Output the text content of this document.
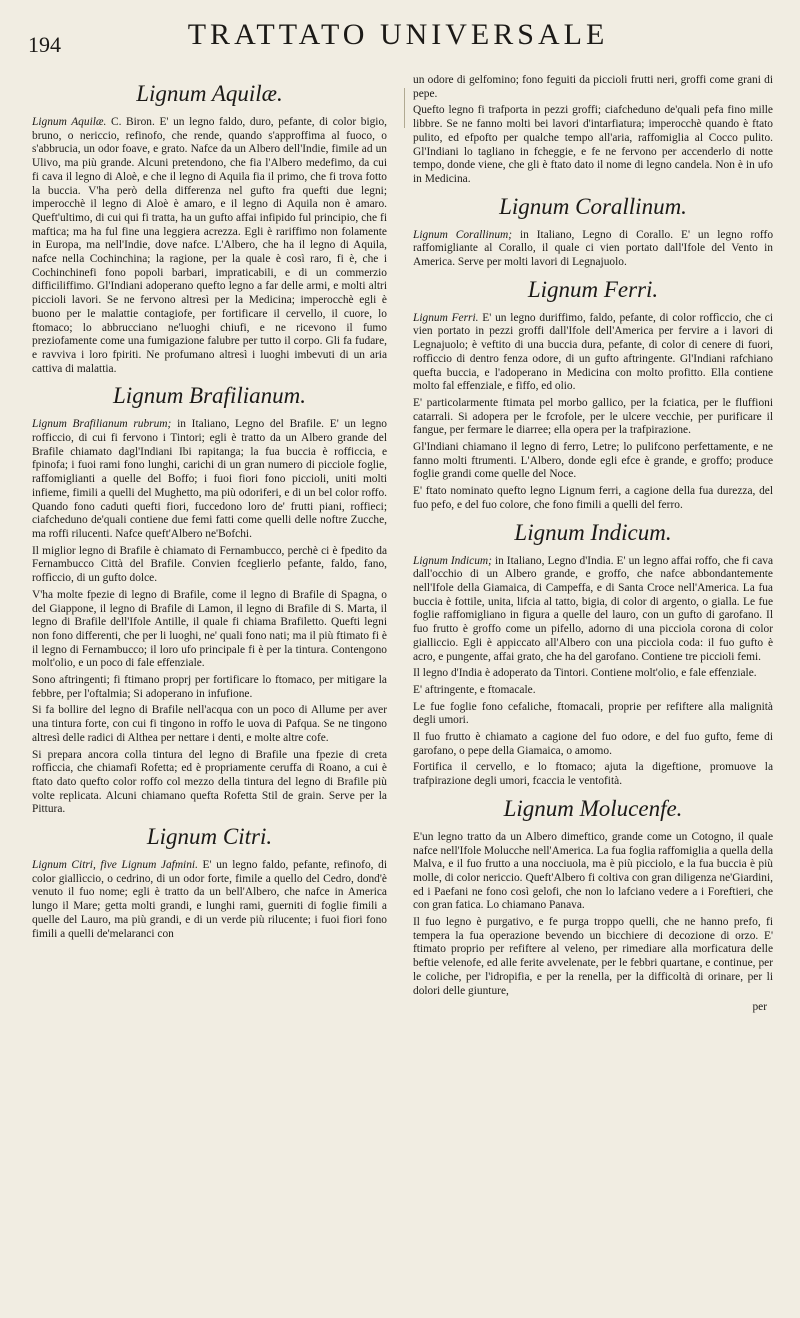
194	TRATTATO UNIVERSALE
Lignum Aquilæ.

Lignum Aquilæ. C. Biron. E' un legno faldo, duro, pefante, di color bigio, bruno, o nericcio, refinofo, che rende, quando s'approffima al fuoco, o s'abbrucia, un odor foave, e grato. Nafce da un Albero dell'Indie, fimile ad un Ulivo, ma più grande. Alcuni pretendono, che fia l'Albero medefimo, da cui fi cava il legno di Aloè, e che il legno di Aquila fia il primo, che fi trova fotto la buccia. V'ha però della differenza nel gufto fra quefti due legni; imperocchè il legno di Aloè è amaro, e il legno di Aquila non è amaro. Queft'ultimo, di cui qui fi tratta, ha un gufto affai infipido ful principio, che fi mafticа; ma ha ful fine una leggiera acrezza. Egli è rariffimo non folamente in Europa, ma nell'Indie, dove nafce. L'Albero, che ha il legno di Aquila, nafce nella Cochinchina; la ragione, per la quale è così raro, fi è, che i Cochinchinefi fono popoli barbari, impraticabili, e di un commerzio difficiliffimo. Gl'Indiani adoperano quefto legno a far delle armi, e molti altri piccioli lavori. Se ne fervono altresì per la Medicina; imperocchè egli è buono per le malattie contagiofe, per fortificare il cervello, il cuore, lo ftomaco; lo abbrucciano ne'luoghi chiufi, e ne ricevono il fumo preziofamente come una fumigazione falubre per tutto il corpo. Gli fa fudare, e ravviva i loro fpiriti. Ne profumano altresì i luoghi imbevuti di un aria cattiva di malattia.

Lignum Brafilianum.

Lignum Brafilianum rubrum; in Italiano, Legno del Brafile. E' un legno rofficcio, di cui fi fervono i Tintori; egli è tratto da un Albero grande del Brafile chiamato dagl'Indiani Ibi rapitanga; la fua buccia è rofficcia, e fpinofa; i fuoi rami fono lunghi, carichi di un gran numero di picciole foglie, raffomiglianti a quelle del Boffo; i fuoi fiori fono piccioli, uniti molti infieme, fimili a quelli del Mughetto, ma più odoriferi, e di un bel color roffo. Quando fono caduti quefti fiori, fuccedono loro de' frutti piani, roffieci; ciafcheduno de'quali contiene due femi fatti come quelli delle noftre Zucche, ma roffi rilucenti. Nafce queft'Albero ne'Bofchi.

Il miglior legno di Brafile è chiamato di Fernambucco, perchè ci è fpedito da Fernambucco Città del Brafile. Convien fceglierlo pefante, faldo, fano, roffìccio, di un gufto dolce.

V'ha molte fpezie di legno di Brafile, come il legno di Brafile di Spagna, o del Giappone, il legno di Brafile di Lamon, il legno di Brafile di S. Marta, il legno di Brafile dell'Ifole Antille, il quale fi chiama Brafiletto. Quefti legni non fono differenti, che per li luoghi, ne' quali fono nati; ma il più ftimato fi è il legno di Fernambucco; il loro ufo principale fi è per la tintura. Contengono molt'olio, e un poco di fale effenziale.

Sono aftringenti; fi ftimano proprj per fortificare lo ftomaco, per mitigare la febbre, per l'oftalmia; Si adoperano in infufione.

Si fa bollire del legno di Brafile nell'acqua con un poco di Allume per aver una tintura forte, con cui fi tingono in roffo le uova di Pafqua. Se ne tingono altresì delle radici di Althea per nettare i denti, e molte altre cofe.

Si prepara ancora colla tintura del legno di Brafile una fpezie di creta roffìccia, che chiamafi Rofetta; ed è propriamente ceruffa di Roano, a cui è ftato dato quefto color roffo col mezzo della tintura del legno di Brafile più volte replicata. Alcuni chiamano quefta Rofetta Stil de grain. Serve per la Pittura.

Lignum Citri.

Lignum Citri, five Lignum Jafmini. E' un legno faldo, pefante, refinofo, di color giallìccio, o cedrino, di un odor forte, fimile a quello del Cedro, dond'è venuto il fuo nome; egli è tratto da un bell'Albero, che nafce in America lungo il Mare; getta molti grandi, e lunghi rami, guerniti di foglie fimili a quelle del Lauro, ma più grandi, e di un verde più rilucente; i fuoi fiori fono fimili a quelli de'melaranci con

un odore di gelfomino; fono feguiti da piccioli frutti neri, groffi come grani di pepe.

Quefto legno fi trafporta in pezzi groffi; ciafcheduno de'quali pefa fino mille libbre. Se ne fanno molti bei lavori d'intarfiatura; imperocchè quando è ftato pulito, ed efpofto per qualche tempo all'aria, raffomiglia al Cocco pulito. Gl'Indiani lo tagliano in fcheggie, e fe ne fervono per accenderlo di notte tempo, donde viene, che gli è ftato dato il nome di legno candela. Non è in ufo in Medicina.

Lignum Corallinum.

Lignum Corallinum; in Italiano, Legno di Corallo. E' un legno roffo raffomigliante al Corallo, il quale ci vien portato dall'Ifole del Vento in America. Serve per molti lavori di Legnajuolo.

Lignum Ferri.

Lignum Ferri. E' un legno duriffimo, faldo, pefante, di color roffìccio, che ci vien portato in pezzi groffi dall'Ifole dell'America per fervire a i lavori di Legnajuolo; è veftito di una buccia dura, pefante, di color di cenere di fuori, roffìccio di dentro fenza odore, di un gufto aftringente. Gl'Indiani rafchiano quefta buccia, e l'adoperano in Medicina con molto profitto. Ella contiene molto fal effenziale, e fiffo, ed olio.

E' particolarmente ftimata pel morbo gallico, per la fciatica, per le fluffioni catarrali. Si adopera per le fcrofole, per le ulcere vecchie, per purificare il fangue, per fermare le diarree; ella opera per la trafpirazione.

Gl'Indiani chiamano il legno di ferro, Letre; lo pulifcono perfettamente, e ne fanno molti ftrumenti. L'Albero, donde egli efce è grande, e groffo; produce foglie grandi come quelle del Noce.

E' ftato nominato quefto legno Lignum ferri, a cagione della fua durezza, del fuo pefo, e del fuo colore, che fono fimili a quelli del ferro.

Lignum Indicum.

Lignum Indicum; in Italiano, Legno d'India. E' un legno affai roffo, che fi cava dall'occhio di un Albero grande, e groffo, che nafce abbondantemente nell'Ifole della Giamaica, di Campeffa, e di Santa Croce nell'America. La fua buccia è fottile, unita, lifcia al tatto, bigia, di color di argento, o gialla. Le fue foglie raffomigliano in figura a quelle del lauro, con un gufto di garofano. Il fuo frutto è groffo come un pifello, adorno di una picciola corona di color gialliccio. Egli è appiccato all'Albero con una picciola coda: il fuo gufto è acro, e pungente, affai grato, che ha del garofano. Contiene tre piccioli femi.

Il legno d'India è adoperato da Tintori. Contiene molt'olio, e fale effenziale.

E' aftringente, e ftomacale.

Le fue foglie fono cefaliche, ftomacali, proprie per refiftere alla malignità degli umori.

Il fuo frutto è chiamato a cagione del fuo odore, e del fuo gufto, feme di garofano, o pepe della Giamaica, o amomo.

Fortifica il cervello, e lo ftomaco; ajuta la digeftione, promuove la trafpirazione degli umori, fcaccia le ventofità.

Lignum Molucenfe.

E'un legno tratto da un Albero dimeftico, grande come un Cotogno, il quale nafce nell'Ifole Molucche nell'America. La fua foglia raffomiglia a quella della Malva, e il fuo frutto a una nocciuola, ma è più picciolo, e la fua buccia è più molle, di color nericcio. Queft'Albero fi coltiva con gran diligenza ne'Giardini, ed i Paefani ne fono così gelofi, che non lo lafciano vedere a i Foreftieri, che con gran fatica. Lo chiamano Panava.

Il fuo legno è purgativo, e fe purga troppo quelli, che ne hanno prefo, fi tempera la fua operazione bevendo un bicchiere di decozione di orzo. E' ftimato proprio per refiftere al veleno, per rimediare alla morficatura delle beftie velenofe, ed alle ferite avvelenate, per le febbri quartane, e continue, per le coliche, per l'idropifia, e per la renella, per la difficoltà di orinare, per li dolori delle giunture,

per
